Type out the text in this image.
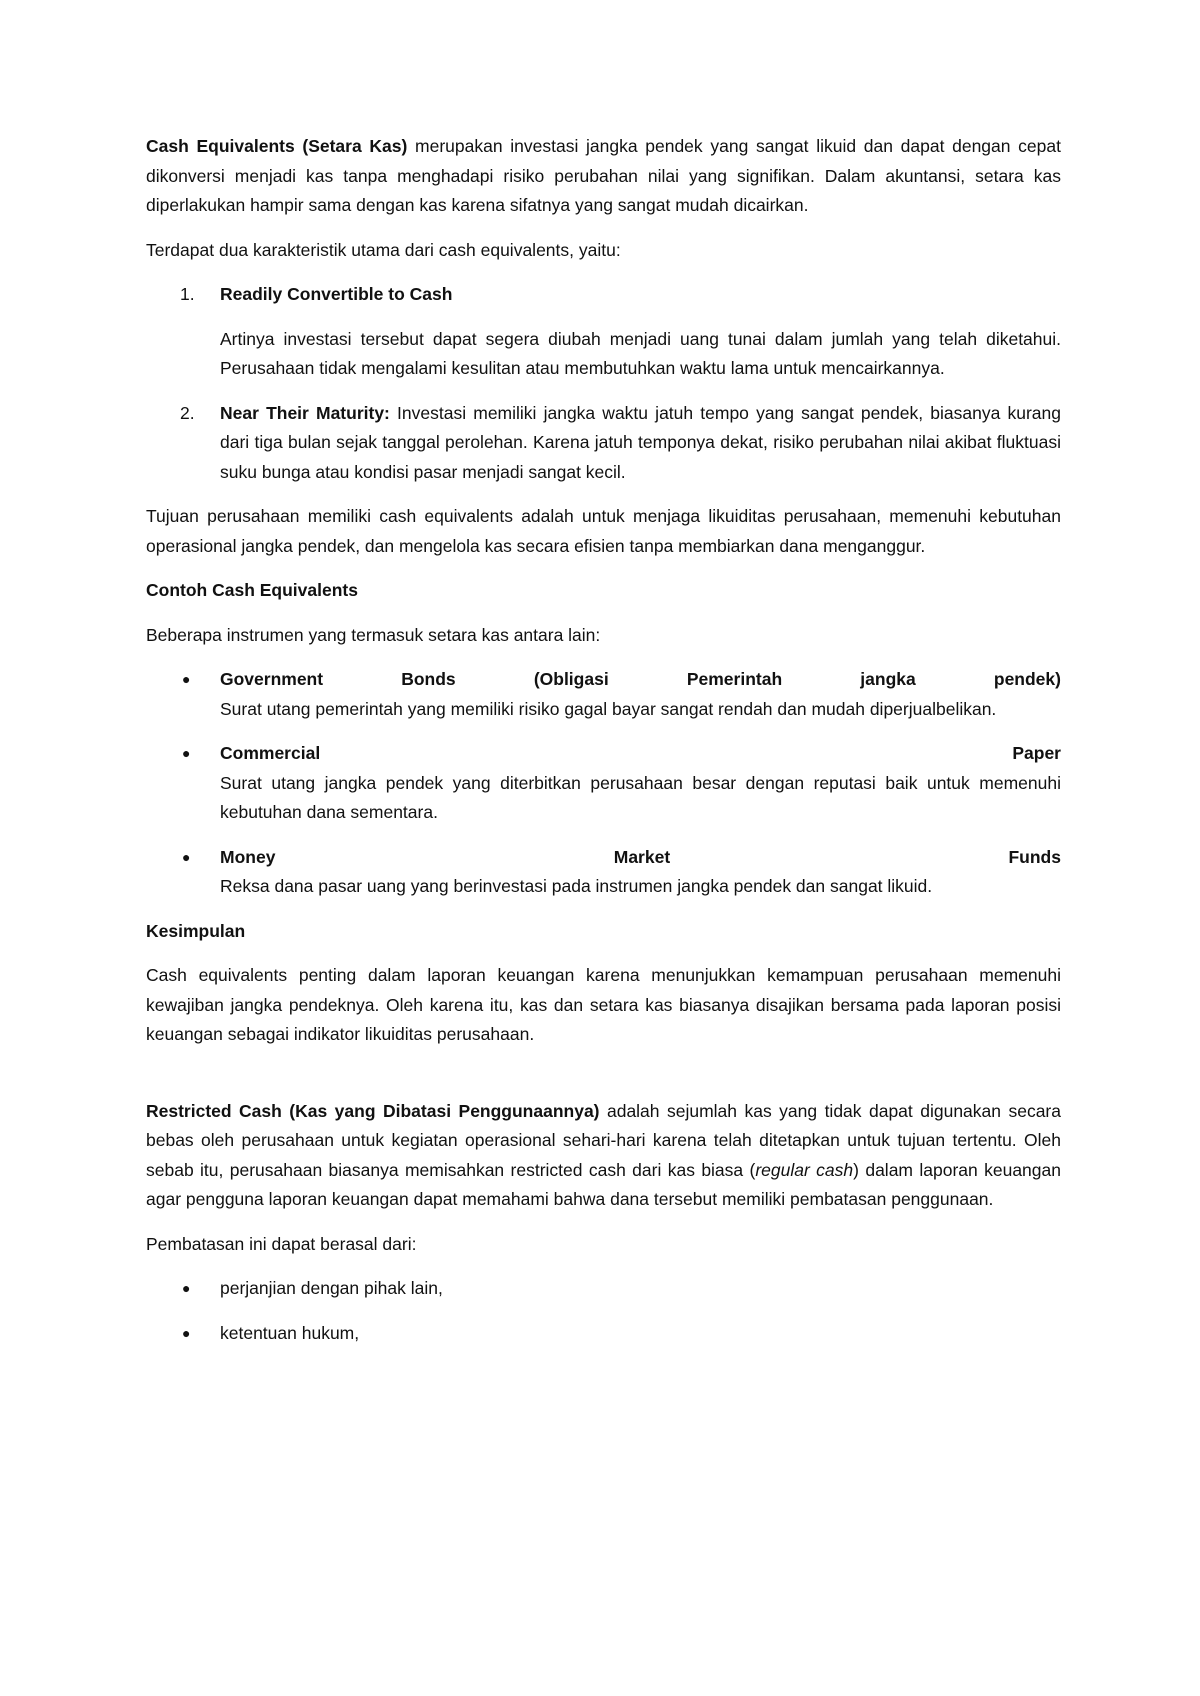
Cash Equivalents (Setara Kas) merupakan investasi jangka pendek yang sangat likuid dan dapat dengan cepat dikonversi menjadi kas tanpa menghadapi risiko perubahan nilai yang signifikan. Dalam akuntansi, setara kas diperlakukan hampir sama dengan kas karena sifatnya yang sangat mudah dicairkan.

Terdapat dua karakteristik utama dari cash equivalents, yaitu:

1. Readily Convertible to Cash
Artinya investasi tersebut dapat segera diubah menjadi uang tunai dalam jumlah yang telah diketahui. Perusahaan tidak mengalami kesulitan atau membutuhkan waktu lama untuk mencairkannya.
2. Near Their Maturity: Investasi memiliki jangka waktu jatuh tempo yang sangat pendek, biasanya kurang dari tiga bulan sejak tanggal perolehan. Karena jatuh temponya dekat, risiko perubahan nilai akibat fluktuasi suku bunga atau kondisi pasar menjadi sangat kecil.

Tujuan perusahaan memiliki cash equivalents adalah untuk menjaga likuiditas perusahaan, memenuhi kebutuhan operasional jangka pendek, dan mengelola kas secara efisien tanpa membiarkan dana menganggur.

Contoh Cash Equivalents

Beberapa instrumen yang termasuk setara kas antara lain:

● Government	Bonds	(Obligasi	Pemerintah	jangka	pendek)
Surat utang pemerintah yang memiliki risiko gagal bayar sangat rendah dan mudah diperjualbelikan.
● Commercial	Paper
Surat utang jangka pendek yang diterbitkan perusahaan besar dengan reputasi baik untuk memenuhi kebutuhan dana sementara.
● Money	Market	Funds
Reksa dana pasar uang yang berinvestasi pada instrumen jangka pendek dan sangat likuid.
Kesimpulan

Cash equivalents penting dalam laporan keuangan karena menunjukkan kemampuan perusahaan memenuhi kewajiban jangka pendeknya. Oleh karena itu, kas dan setara kas biasanya disajikan bersama pada laporan posisi keuangan sebagai indikator likuiditas perusahaan.

Restricted Cash (Kas yang Dibatasi Penggunaannya) adalah sejumlah kas yang tidak dapat digunakan secara bebas oleh perusahaan untuk kegiatan operasional sehari-hari karena telah ditetapkan untuk tujuan tertentu. Oleh sebab itu, perusahaan biasanya memisahkan restricted cash dari kas biasa (regular cash) dalam laporan keuangan agar pengguna laporan keuangan dapat memahami bahwa dana tersebut memiliki pembatasan penggunaan.

Pembatasan ini dapat berasal dari:

● perjanjian dengan pihak lain,
● ketentuan hukum,
